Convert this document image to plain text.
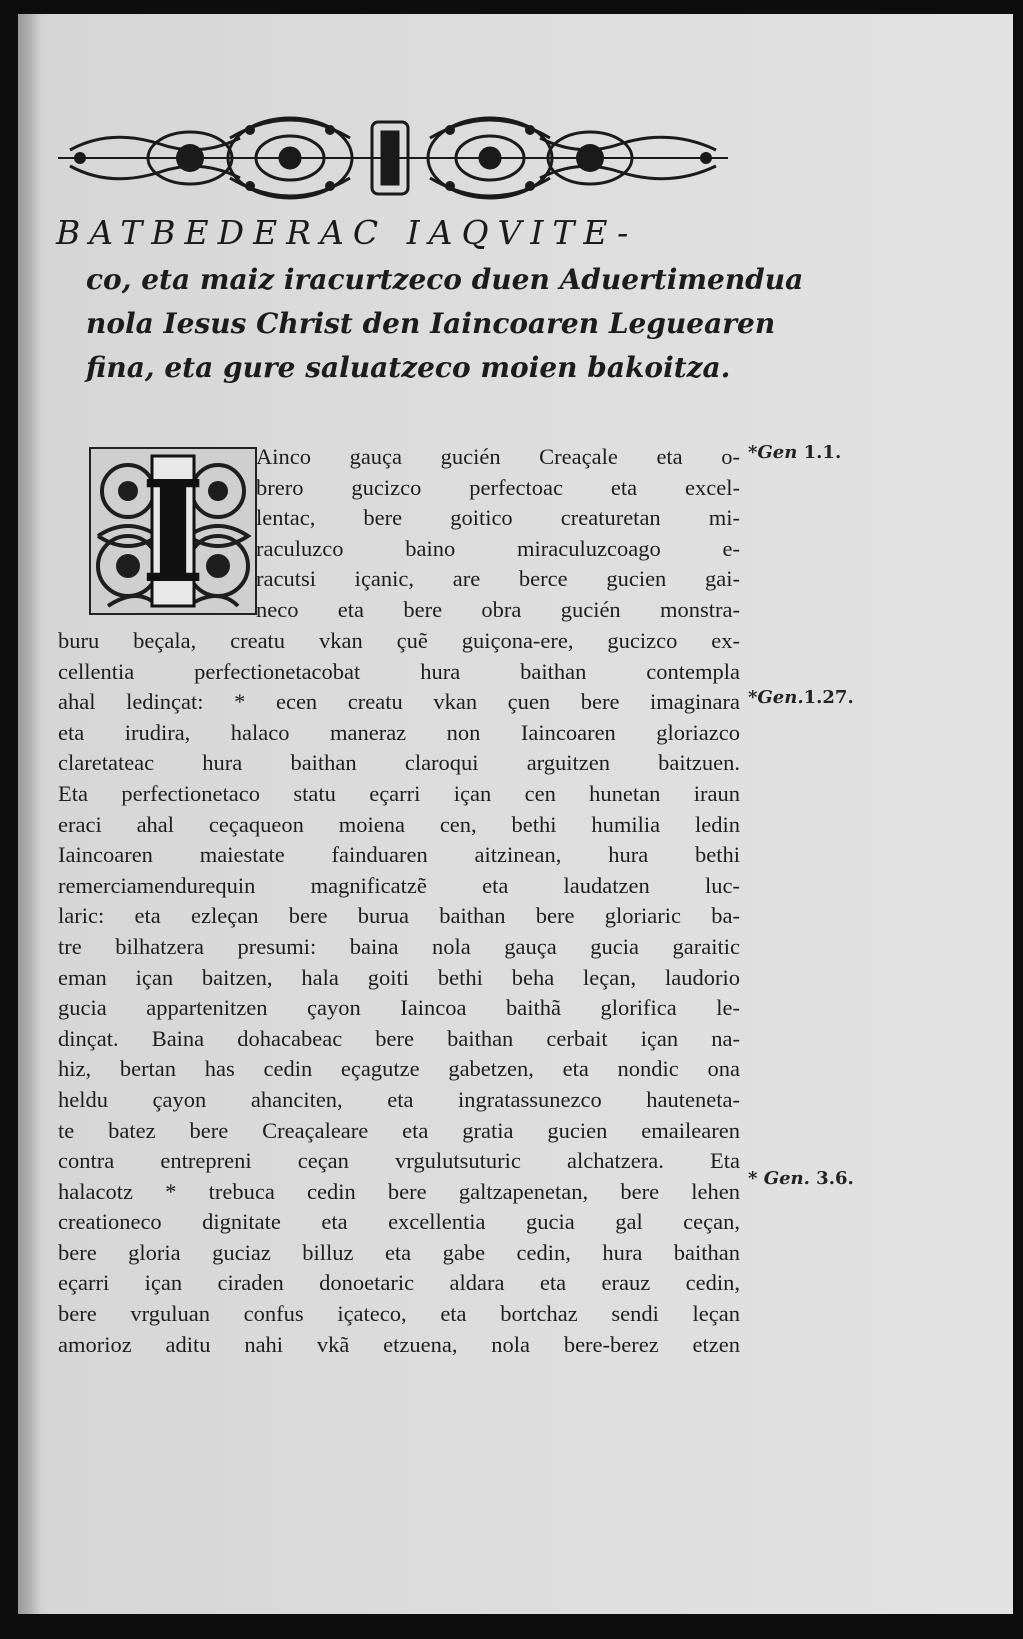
BATBEDERAC IAQVITE-
co, eta maiz iracurtzeco duen Aduertimendua
nola Iesus Christ den Iaincoaren Leguearen
fina, eta gure saluatzeco moien bakoitza.
I Ainco gauça gucién Creaçale eta o-
brero gucizco perfectoac eta excel-
lentac, bere goitico creaturetan mi-
raculuzco baino miraculuzcoago e-
racutsi içanic, are berce gucien gai-
neco eta bere obra gucién monstra-
buru beçala, creatu vkan çuẽ guiçona-ere, gucizco ex-
cellentia perfectionetacobat hura baithan contempla
ahal ledinçat: * ecen creatu vkan çuen bere imaginara
eta irudira, halaco maneraz non Iaincoaren gloriazco
claretateac hura baithan claroqui arguitzen baitzuen.
Eta perfectionetaco statu eçarri içan cen hunetan iraun
eraci ahal ceçaqueon moiena cen, bethi humilia ledin
Iaincoaren maiestate fainduaren aitzinean, hura bethi
remerciamendurequin magnificatzẽ eta laudatzen luc-
laric: eta ezleçan bere burua baithan bere gloriaric ba-
tre bilhatzera presumi: baina nola gauça gucia garaitic
eman içan baitzen, hala goiti bethi beha leçan, laudorio
gucia appartenitzen çayon Iaincoa baithã glorifica le-
dinçat. Baina dohacabeac bere baithan cerbait içan na-
hiz, bertan has cedin eçagutze gabetzen, eta nondic ona
heldu çayon ahanciten, eta ingratassunezco hauteneta-
te batez bere Creaçaleare eta gratia gucien emailearen
contra entrepreni ceçan vrgulutsuturic alchatzera. Eta
halacotz * trebuca cedin bere galtzapenetan, bere lehen
creationeco dignitate eta excellentia gucia gal ceçan,
bere gloria guciaz billuz eta gabe cedin, hura baithan
eçarri içan ciraden donoetaric aldara eta erauz cedin,
bere vrguluan confus içateco, eta bortchaz sendi leçan
amorioz aditu nahi vkã etzuena, nola bere-berez etzen
*Gen 1.1.
*Gen.1.27.
* Gen. 3.6.
